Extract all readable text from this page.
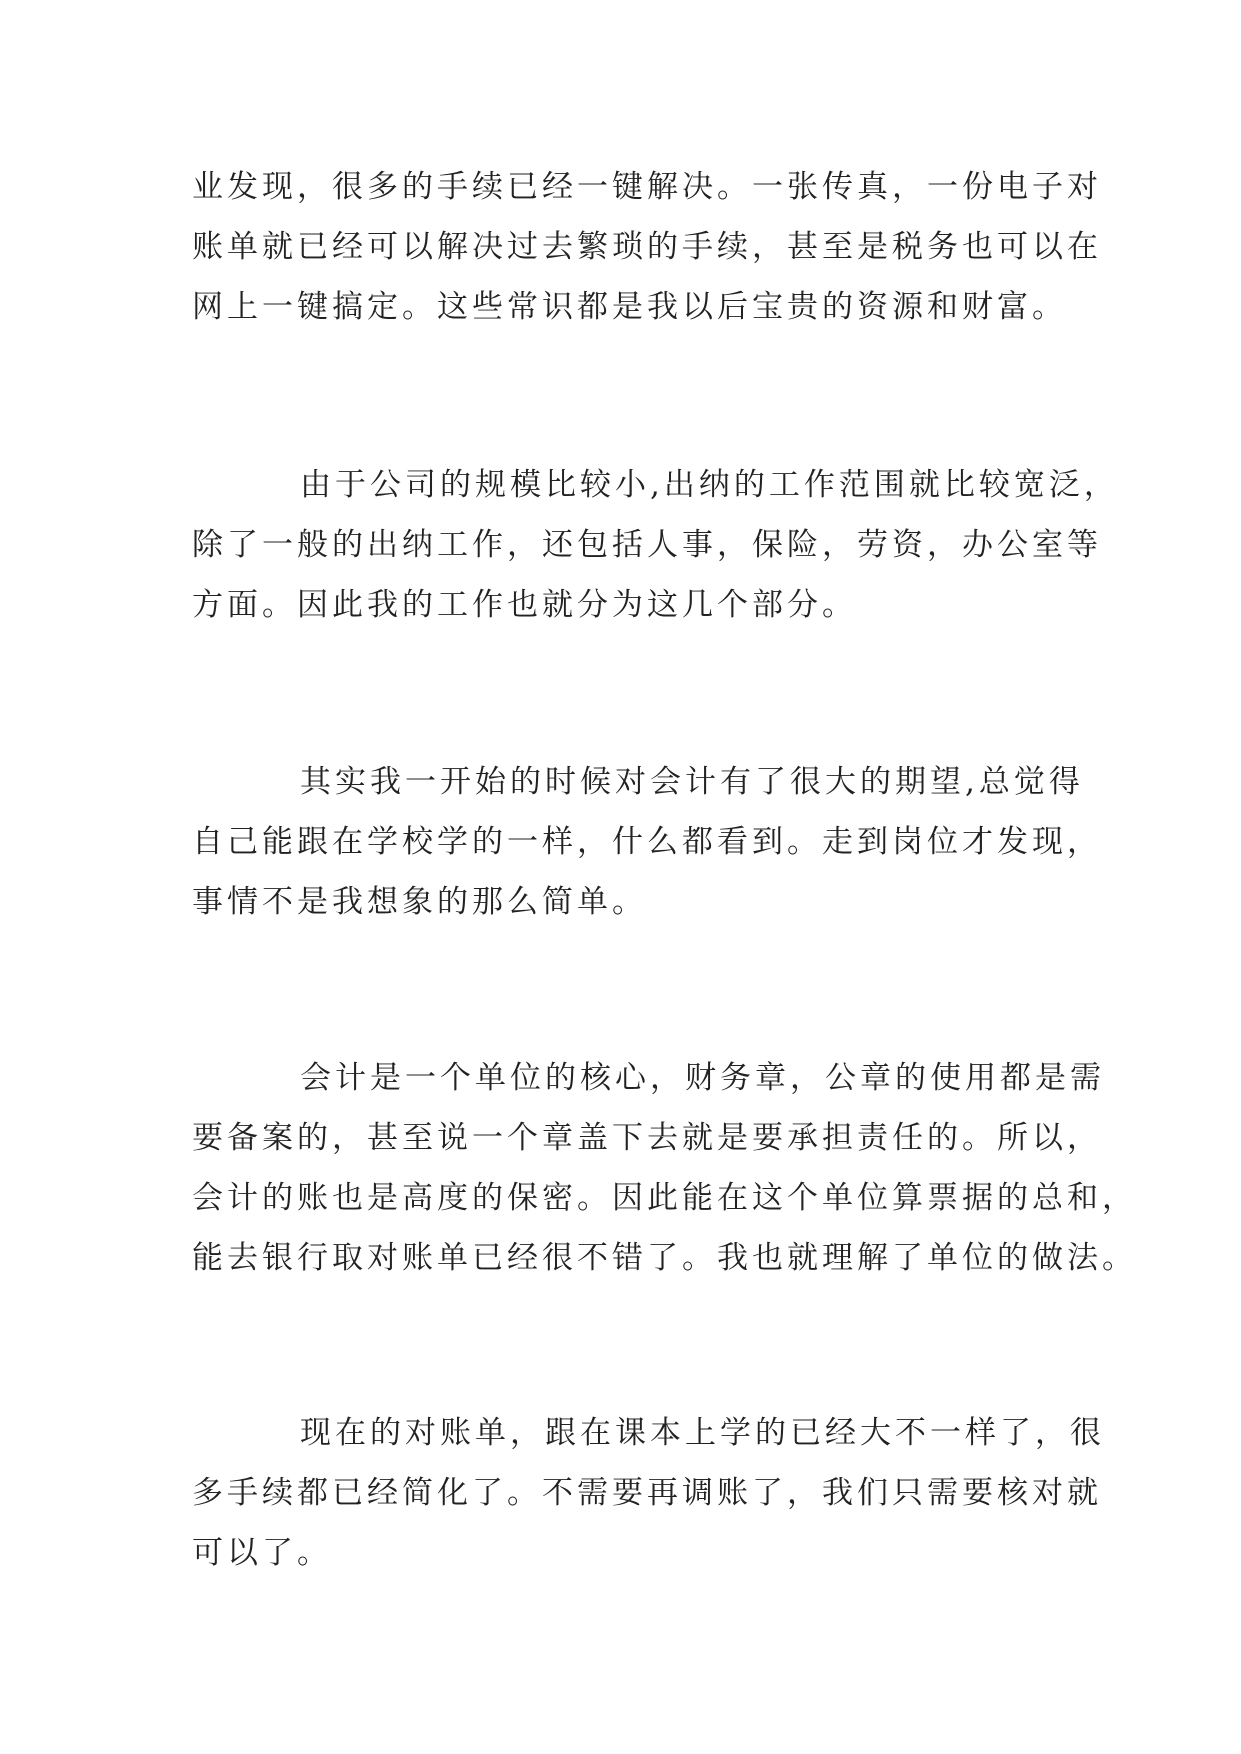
业发现，很多的手续已经一键解决。一张传真，一份电子对
账单就已经可以解决过去繁琐的手续，甚至是税务也可以在
网上一键搞定。这些常识都是我以后宝贵的资源和财富。

由于公司的规模比较小,出纳的工作范围就比较宽泛，
除了一般的出纳工作，还包括人事，保险，劳资，办公室等
方面。因此我的工作也就分为这几个部分。

其实我一开始的时候对会计有了很大的期望,总觉得
自己能跟在学校学的一样，什么都看到。走到岗位才发现，
事情不是我想象的那么简单。

会计是一个单位的核心，财务章，公章的使用都是需
要备案的，甚至说一个章盖下去就是要承担责任的。所以，
会计的账也是高度的保密。因此能在这个单位算票据的总和，
能去银行取对账单已经很不错了。我也就理解了单位的做法。

现在的对账单，跟在课本上学的已经大不一样了，很
多手续都已经简化了。不需要再调账了，我们只需要核对就
可以了。
